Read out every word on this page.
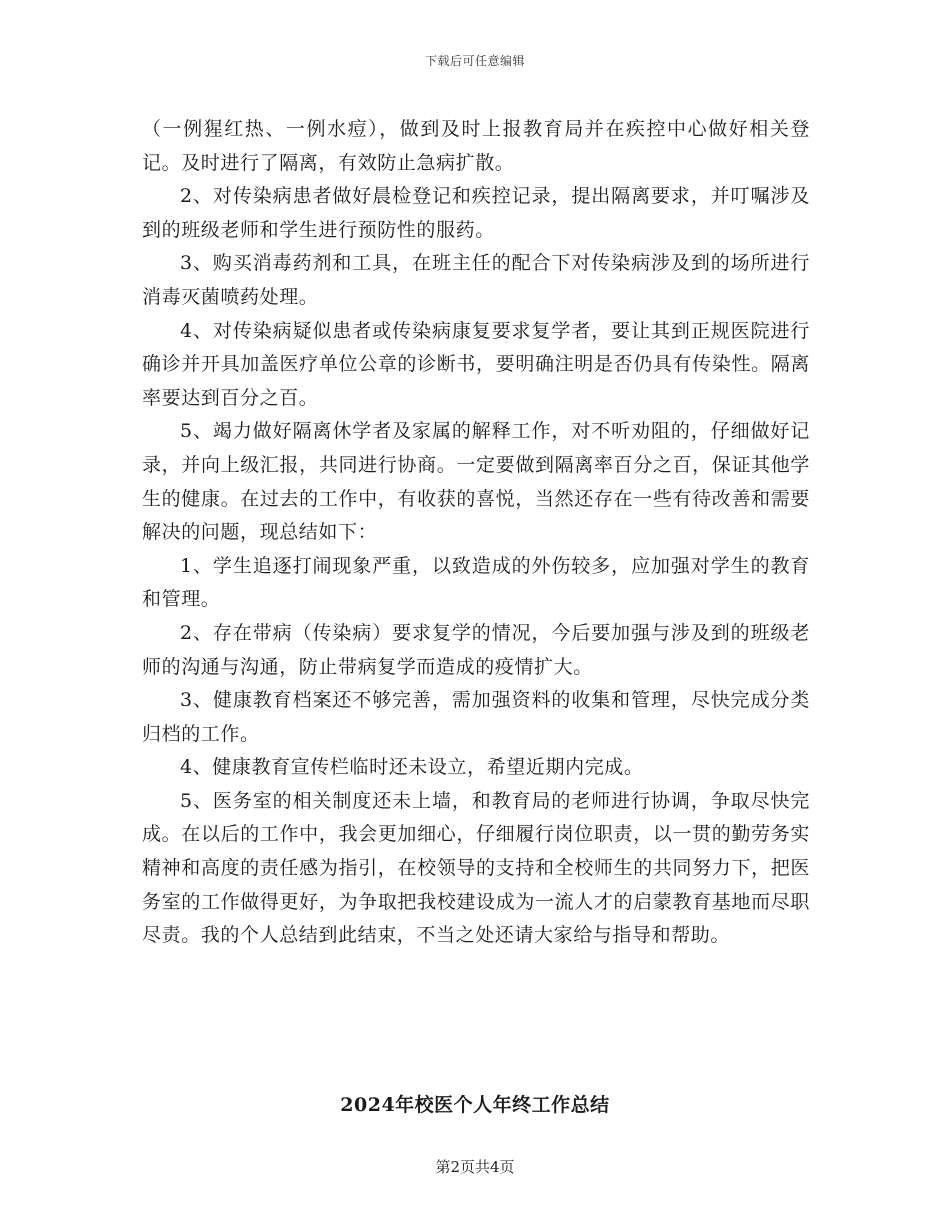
下载后可任意编辑

（一例猩红热、一例水痘），做到及时上报教育局并在疾控中心做好相关登记。及时进行了隔离，有效防止急病扩散。

2、对传染病患者做好晨检登记和疾控记录，提出隔离要求，并叮嘱涉及到的班级老师和学生进行预防性的服药。

3、购买消毒药剂和工具，在班主任的配合下对传染病涉及到的场所进行消毒灭菌喷药处理。

4、对传染病疑似患者或传染病康复要求复学者，要让其到正规医院进行确诊并开具加盖医疗单位公章的诊断书，要明确注明是否仍具有传染性。隔离率要达到百分之百。

5、竭力做好隔离休学者及家属的解释工作，对不听劝阻的，仔细做好记录，并向上级汇报，共同进行协商。一定要做到隔离率百分之百，保证其他学生的健康。在过去的工作中，有收获的喜悦，当然还存在一些有待改善和需要解决的问题，现总结如下：

1、学生追逐打闹现象严重，以致造成的外伤较多，应加强对学生的教育和管理。

2、存在带病（传染病）要求复学的情况，今后要加强与涉及到的班级老师的沟通与沟通，防止带病复学而造成的疫情扩大。

3、健康教育档案还不够完善，需加强资料的收集和管理，尽快完成分类归档的工作。

4、健康教育宣传栏临时还未设立，希望近期内完成。

5、医务室的相关制度还未上墙，和教育局的老师进行协调，争取尽快完成。在以后的工作中，我会更加细心，仔细履行岗位职责，以一贯的勤劳务实精神和高度的责任感为指引，在校领导的支持和全校师生的共同努力下，把医务室的工作做得更好，为争取把我校建设成为一流人才的启蒙教育基地而尽职尽责。我的个人总结到此结束，不当之处还请大家给与指导和帮助。

2024年校医个人年终工作总结
第2页共4页
